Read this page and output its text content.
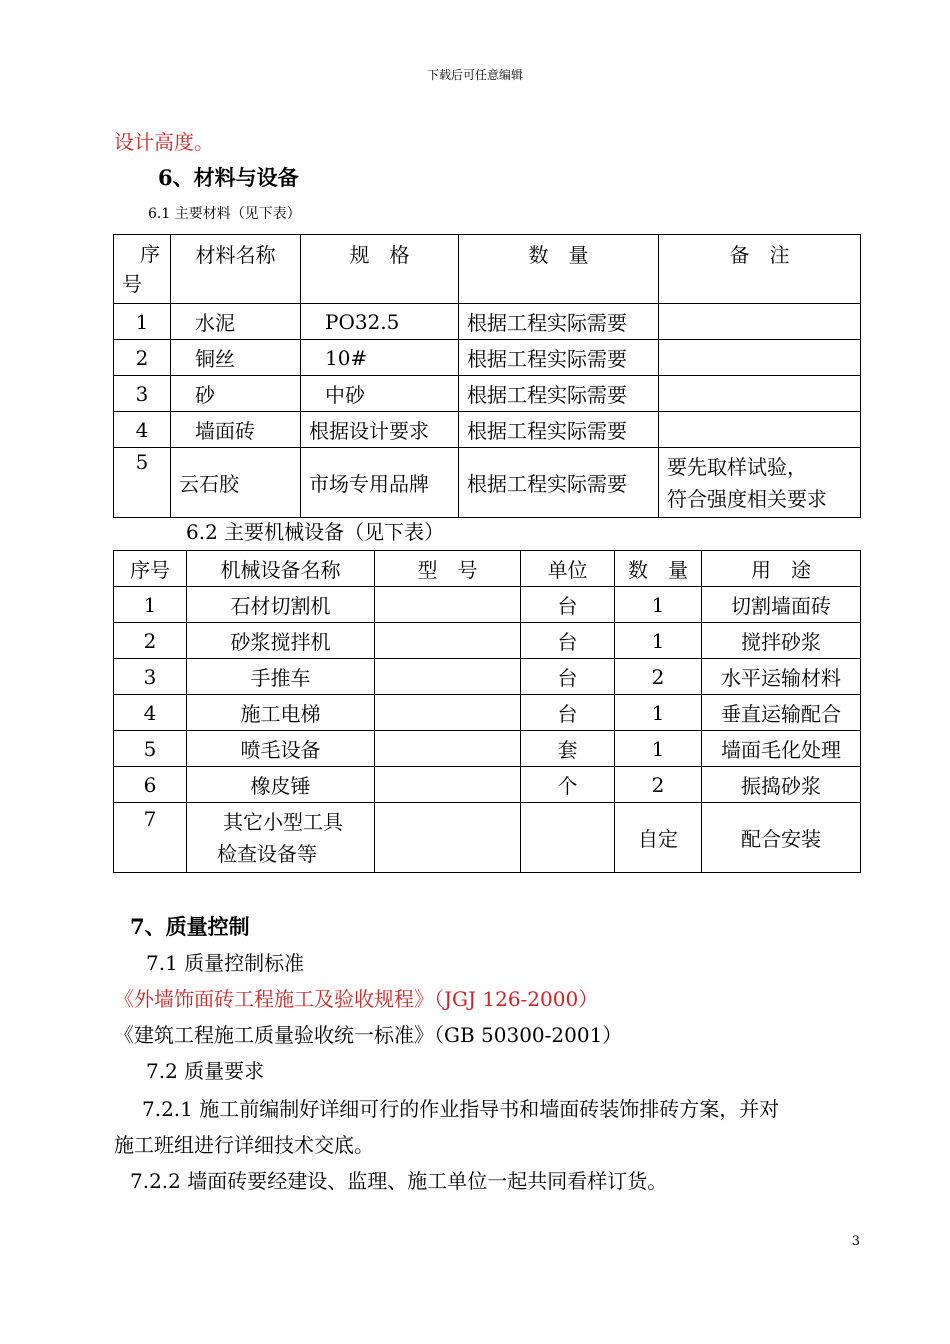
下载后可任意编辑
设计高度。
6、材料与设备
6.1 主要材料（见下表）
序
号	材料名称	规　格	数　量	备　注
1	水泥	PO32.5	根据工程实际需要	
2	铜丝	10#	根据工程实际需要	
3	砂	中砂	根据工程实际需要	
4	墙面砖	根据设计要求	根据工程实际需要	
5	云石胶	市场专用品牌	根据工程实际需要	要先取样试验，
符合强度相关要求
6.2 主要机械设备（见下表）
序号	机械设备名称	型　号	单位	数　量	用　途
1	石材切割机		台	1	切割墙面砖
2	砂浆搅拌机		台	1	搅拌砂浆
3	手推车		台	2	水平运输材料
4	施工电梯		台	1	垂直运输配合
5	喷毛设备		套	1	墙面毛化处理
6	橡皮锤		个	2	振捣砂浆
7	其它小型工具
检查设备等			自定	配合安装
7、质量控制
7.1 质量控制标准
《外墙饰面砖工程施工及验收规程》（JGJ 126-2000）
《建筑工程施工质量验收统一标准》（GB 50300-2001）
7.2 质量要求
7.2.1 施工前编制好详细可行的作业指导书和墙面砖装饰排砖方案，并对
施工班组进行详细技术交底。
7.2.2 墙面砖要经建设、监理、施工单位一起共同看样订货。
3
